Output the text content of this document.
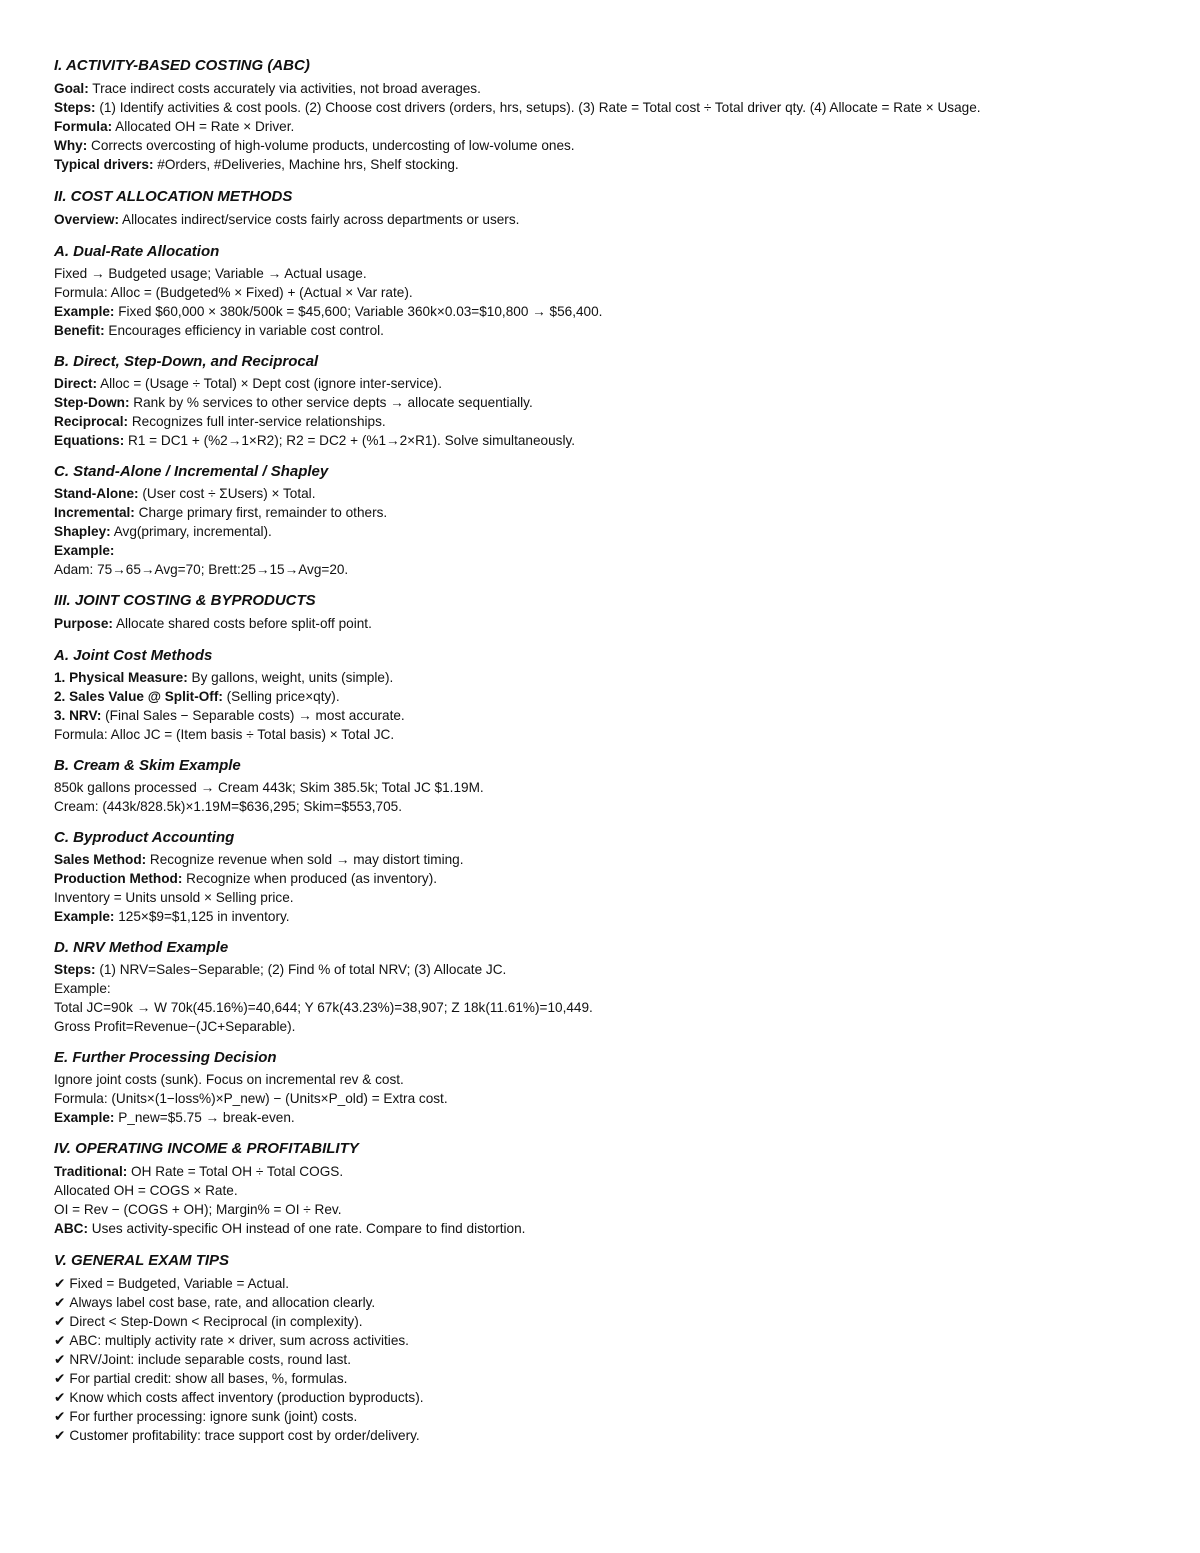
I. ACTIVITY-BASED COSTING (ABC)

Goal: Trace indirect costs accurately via activities, not broad averages.

Steps: (1) Identify activities & cost pools. (2) Choose cost drivers (orders, hrs, setups). (3) Rate = Total cost ÷ Total driver qty. (4) Allocate = Rate × Usage.

Formula: Allocated OH = Rate × Driver.

Why: Corrects overcosting of high-volume products, undercosting of low-volume ones.

Typical drivers: #Orders, #Deliveries, Machine hrs, Shelf stocking.

II. COST ALLOCATION METHODS

Overview: Allocates indirect/service costs fairly across departments or users.

A. Dual-Rate Allocation

Fixed → Budgeted usage; Variable → Actual usage.

Formula: Alloc = (Budgeted% × Fixed) + (Actual × Var rate).

Example: Fixed $60,000 × 380k/500k = $45,600; Variable 360k×0.03=$10,800 → $56,400.

Benefit: Encourages efficiency in variable cost control.

B. Direct, Step-Down, and Reciprocal

Direct: Alloc = (Usage ÷ Total) × Dept cost (ignore inter-service).

Step-Down: Rank by % services to other service depts → allocate sequentially.

Reciprocal: Recognizes full inter-service relationships.

Equations: R1 = DC1 + (%2→1×R2); R2 = DC2 + (%1→2×R1). Solve simultaneously.

C. Stand-Alone / Incremental / Shapley

Stand-Alone: (User cost ÷ ΣUsers) × Total.

Incremental: Charge primary first, remainder to others.

Shapley: Avg(primary, incremental).

Example:

Adam: 75→65→Avg=70; Brett:25→15→Avg=20.

III. JOINT COSTING & BYPRODUCTS

Purpose: Allocate shared costs before split-off point.

A. Joint Cost Methods

1. Physical Measure: By gallons, weight, units (simple).

2. Sales Value @ Split-Off: (Selling price×qty).

3. NRV: (Final Sales − Separable costs) → most accurate.

Formula: Alloc JC = (Item basis ÷ Total basis) × Total JC.

B. Cream & Skim Example

850k gallons processed → Cream 443k; Skim 385.5k; Total JC $1.19M.

Cream: (443k/828.5k)×1.19M=$636,295; Skim=$553,705.

C. Byproduct Accounting

Sales Method: Recognize revenue when sold → may distort timing.

Production Method: Recognize when produced (as inventory).

Inventory = Units unsold × Selling price.

Example: 125×$9=$1,125 in inventory.

D. NRV Method Example

Steps: (1) NRV=Sales−Separable; (2) Find % of total NRV; (3) Allocate JC.

Example:

Total JC=90k → W 70k(45.16%)=40,644; Y 67k(43.23%)=38,907; Z 18k(11.61%)=10,449.

Gross Profit=Revenue−(JC+Separable).

E. Further Processing Decision

Ignore joint costs (sunk). Focus on incremental rev & cost.

Formula: (Units×(1−loss%)×P_new) − (Units×P_old) = Extra cost.

Example: P_new=$5.75 → break-even.

IV. OPERATING INCOME & PROFITABILITY

Traditional: OH Rate = Total OH ÷ Total COGS.

Allocated OH = COGS × Rate.

OI = Rev − (COGS + OH); Margin% = OI ÷ Rev.

ABC: Uses activity-specific OH instead of one rate. Compare to find distortion.

V. GENERAL EXAM TIPS

✔ Fixed = Budgeted, Variable = Actual.

✔ Always label cost base, rate, and allocation clearly.

✔ Direct < Step-Down < Reciprocal (in complexity).

✔ ABC: multiply activity rate × driver, sum across activities.

✔ NRV/Joint: include separable costs, round last.

✔ For partial credit: show all bases, %, formulas.

✔ Know which costs affect inventory (production byproducts).

✔ For further processing: ignore sunk (joint) costs.

✔ Customer profitability: trace support cost by order/delivery.
